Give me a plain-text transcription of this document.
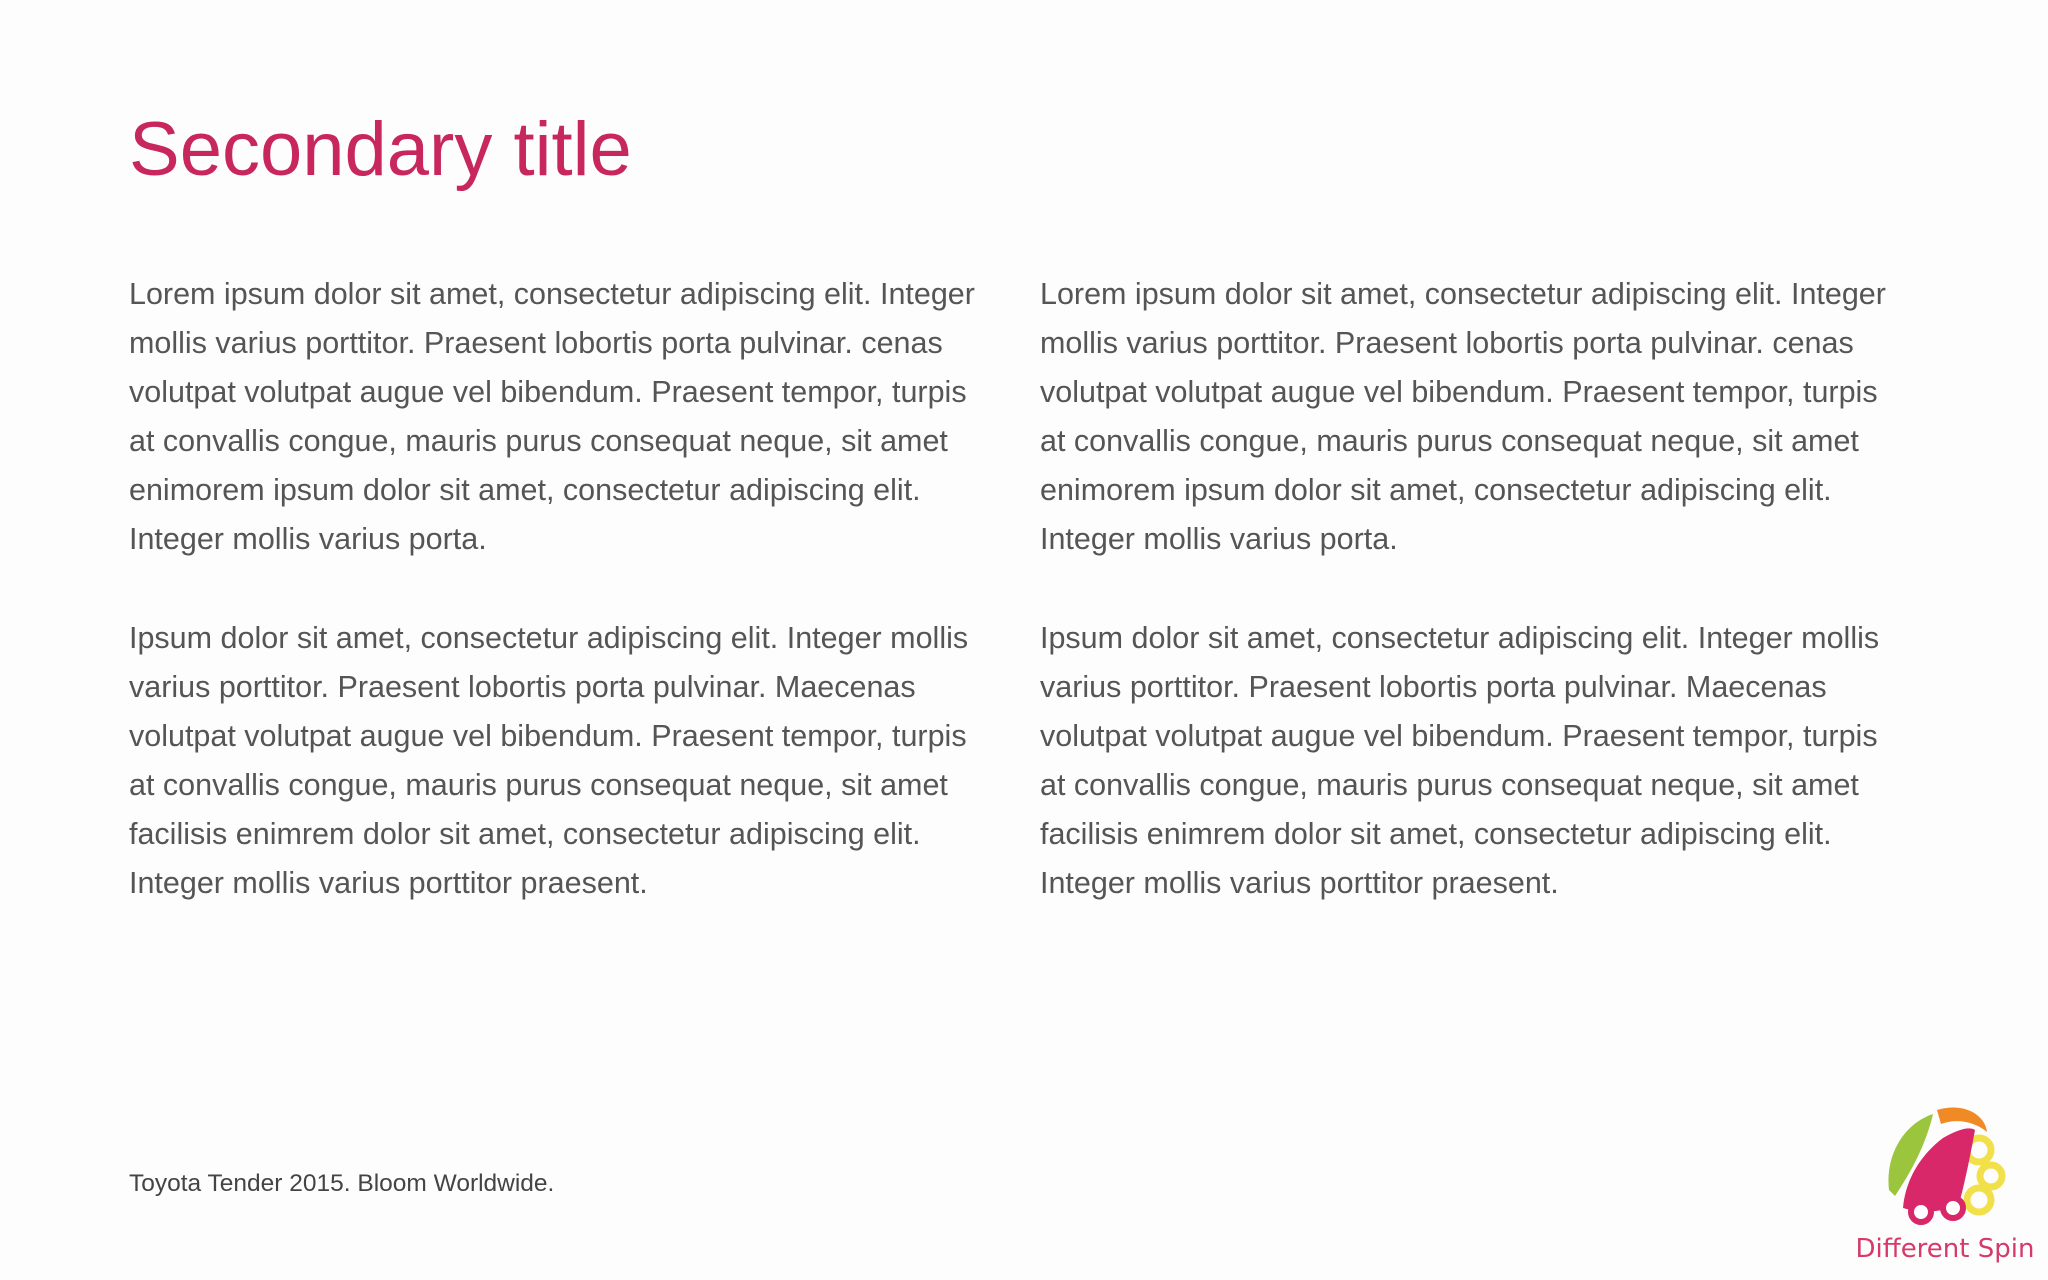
Secondary title

Lorem ipsum dolor sit amet, consectetur adipiscing elit. Integer mollis varius porttitor. Praesent lobortis porta pulvinar. cenas volutpat volutpat augue vel bibendum. Praesent tempor, turpis at convallis congue, mauris purus consequat neque, sit amet enimorem ipsum dolor sit amet, consectetur adipiscing elit. Integer mollis varius porta.

Ipsum dolor sit amet, consectetur adipiscing elit. Integer mollis varius porttitor. Praesent lobortis porta pulvinar. Maecenas volutpat volutpat augue vel bibendum. Praesent tempor, turpis at convallis congue, mauris purus consequat neque, sit amet facilisis enimrem dolor sit amet, consectetur adipiscing elit. Integer mollis varius porttitor praesent.

Lorem ipsum dolor sit amet, consectetur adipiscing elit. Integer mollis varius porttitor. Praesent lobortis porta pulvinar. cenas volutpat volutpat augue vel bibendum. Praesent tempor, turpis at convallis congue, mauris purus consequat neque, sit amet enimorem ipsum dolor sit amet, consectetur adipiscing elit. Integer mollis varius porta.

Ipsum dolor sit amet, consectetur adipiscing elit. Integer mollis varius porttitor. Praesent lobortis porta pulvinar. Maecenas volutpat volutpat augue vel bibendum. Praesent tempor, turpis at convallis congue, mauris purus consequat neque, sit amet facilisis enimrem dolor sit amet, consectetur adipiscing elit. Integer mollis varius porttitor praesent.

Toyota Tender 2015. Bloom Worldwide.
Different Spin
